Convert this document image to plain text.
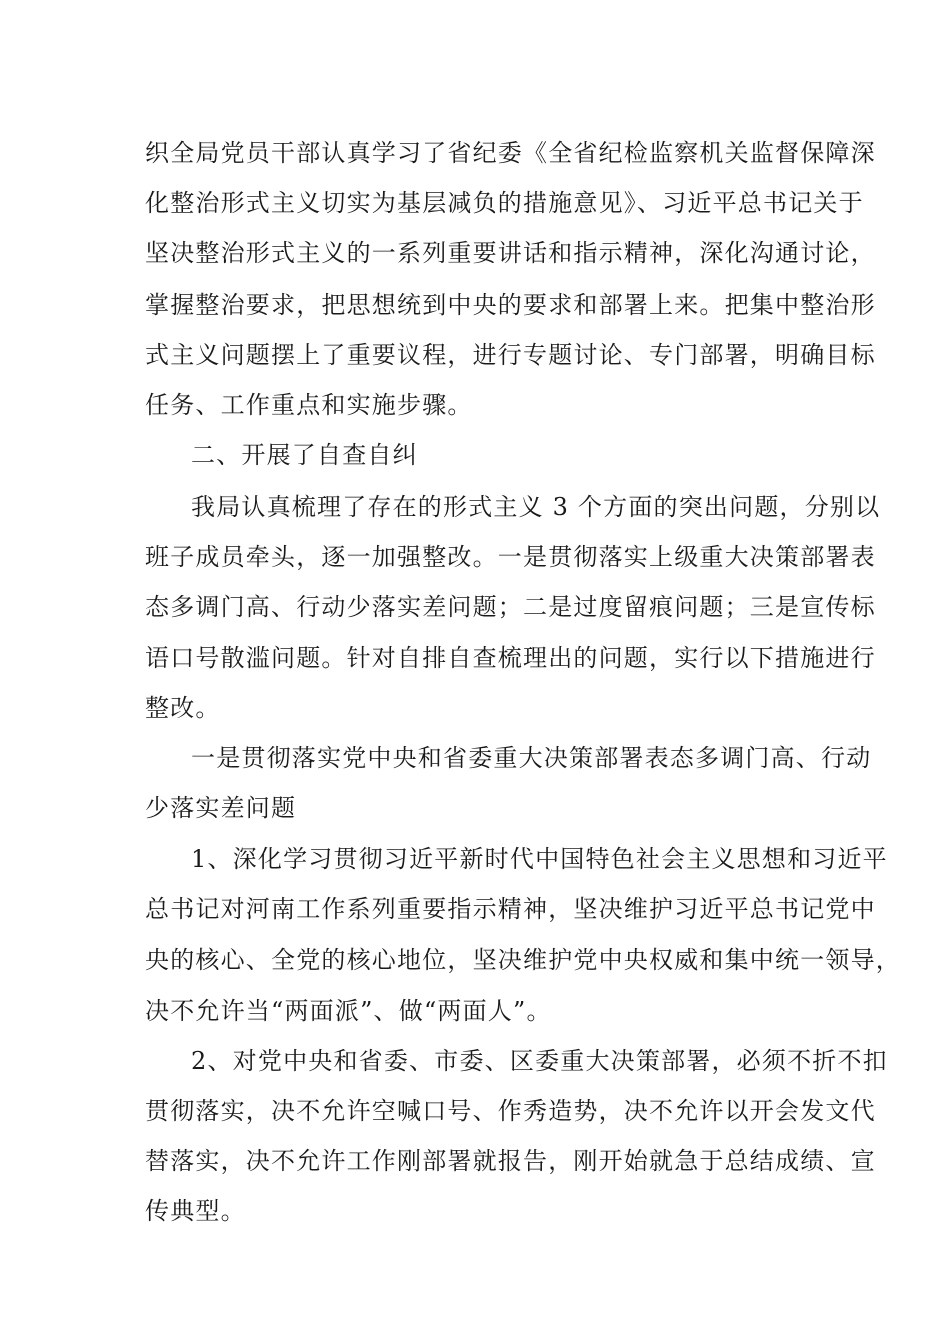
织全局党员干部认真学习了省纪委《全省纪检监察机关监督保障深
化整治形式主义切实为基层减负的措施意见》、习近平总书记关于
坚决整治形式主义的一系列重要讲话和指示精神，深化沟通讨论，
掌握整治要求，把思想统到中央的要求和部署上来。把集中整治形
式主义问题摆上了重要议程，进行专题讨论、专门部署，明确目标
任务、工作重点和实施步骤。
二、开展了自查自纠
我局认真梳理了存在的形式主义 3 个方面的突出问题，分别以
班子成员牵头，逐一加强整改。一是贯彻落实上级重大决策部署表
态多调门高、行动少落实差问题；二是过度留痕问题；三是宣传标
语口号散滥问题。针对自排自查梳理出的问题，实行以下措施进行
整改。
一是贯彻落实党中央和省委重大决策部署表态多调门高、行动
少落实差问题
1、深化学习贯彻习近平新时代中国特色社会主义思想和习近平
总书记对河南工作系列重要指示精神，坚决维护习近平总书记党中
央的核心、全党的核心地位，坚决维护党中央权威和集中统一领导，
决不允许当“两面派”、做“两面人”。
2、对党中央和省委、市委、区委重大决策部署，必须不折不扣
贯彻落实，决不允许空喊口号、作秀造势，决不允许以开会发文代
替落实，决不允许工作刚部署就报告，刚开始就急于总结成绩、宣
传典型。
